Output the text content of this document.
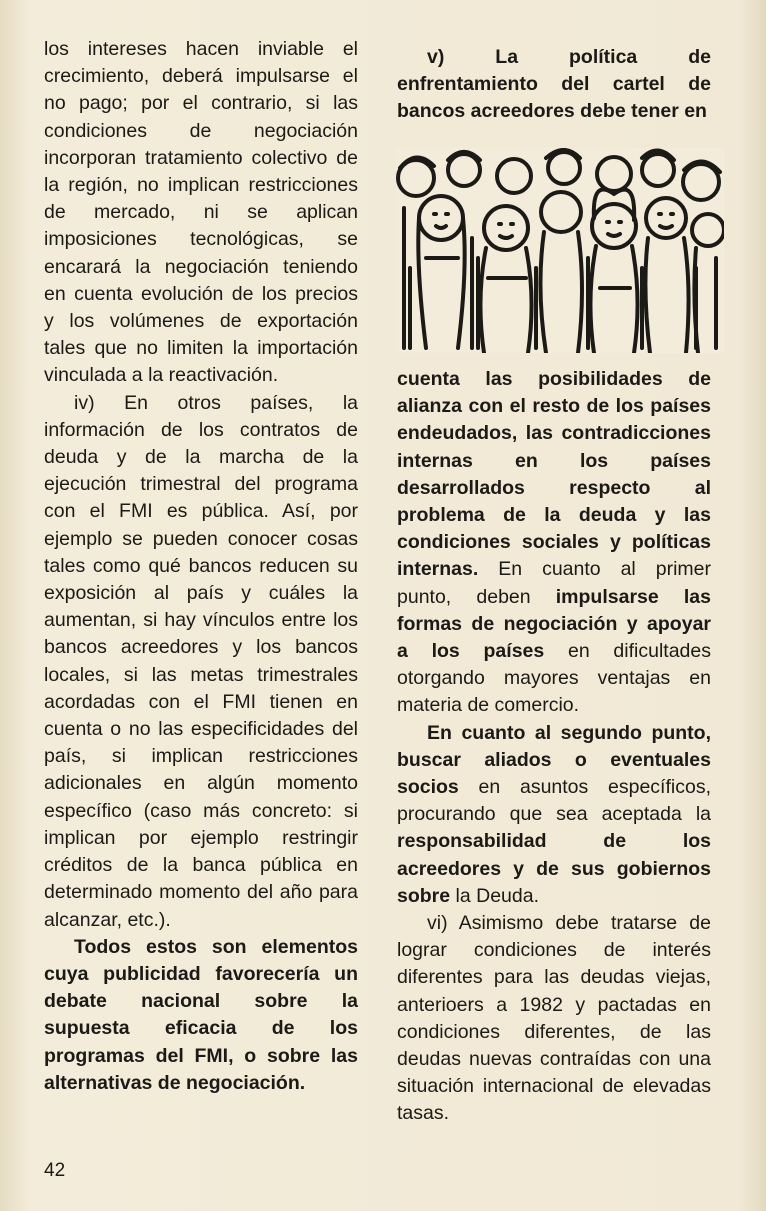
los intereses hacen inviable el crecimiento, deberá impulsarse el no pago; por el contrario, si las condiciones de negociación incorporan tratamiento colectivo de la región, no implican restricciones de mercado, ni se aplican imposiciones tecnológicas, se encarará la negociación teniendo en cuenta evolución de los precios y los volúmenes de exportación tales que no limiten la importación vinculada a la reactivación.

iv) En otros países, la información de los contratos de deuda y de la marcha de la ejecución trimestral del programa con el FMI es pública. Así, por ejemplo se pueden conocer cosas tales como qué bancos reducen su exposición al país y cuáles la aumentan, si hay vínculos entre los bancos acreedores y los bancos locales, si las metas trimestrales acordadas con el FMI tienen en cuenta o no las especificidades del país, si implican restricciones adicionales en algún momento específico (caso más concreto: si implican por ejemplo restringir créditos de la banca pública en determinado momento del año para alcanzar, etc.).

Todos estos son elementos cuya publicidad favorecería un debate nacional sobre la supuesta eficacia de los programas del FMI, o sobre las alternativas de negociación.

v) La política de enfrentamiento del cartel de bancos acreedores debe tener en

cuenta las posibilidades de alianza con el resto de los países endeudados, las contradicciones internas en los países desarrollados respecto al problema de la deuda y las condiciones sociales y políticas internas. En cuanto al primer punto, deben impulsarse las formas de negociación y apoyar a los países en dificultades otorgando mayores ventajas en materia de comercio.

En cuanto al segundo punto, buscar aliados o eventuales socios en asuntos específicos, procurando que sea aceptada la responsabilidad de los acreedores y de sus gobiernos sobre la Deuda.

vi) Asimismo debe tratarse de lograr condiciones de interés diferentes para las deudas viejas, anterioers a 1982 y pactadas en condiciones diferentes, de las deudas nuevas contraídas con una situación internacional de elevadas tasas.

42
